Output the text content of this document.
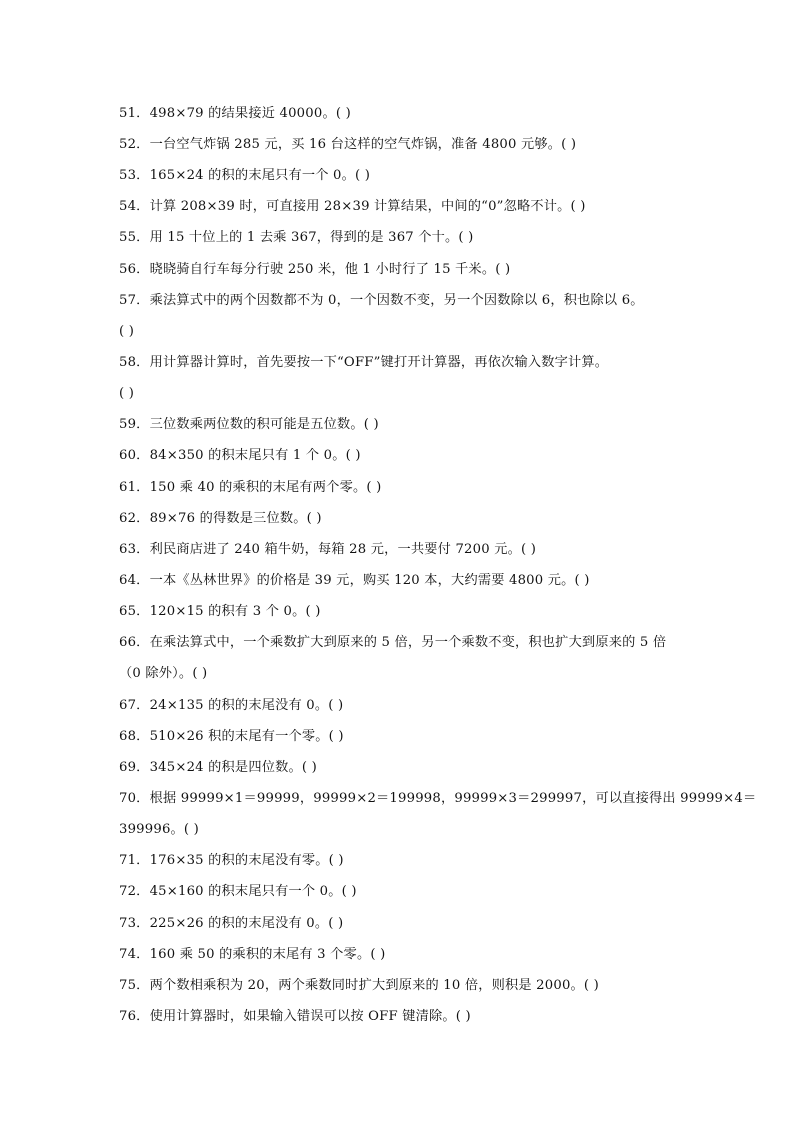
51．498×79 的结果接近 40000。( )
52．一台空气炸锅 285 元，买 16 台这样的空气炸锅，准备 4800 元够。( )
53．165×24 的积的末尾只有一个 0。( )
54．计算 208×39 时，可直接用 28×39 计算结果，中间的“0”忽略不计。( )
55．用 15 十位上的 1 去乘 367，得到的是 367 个十。( )
56．晓晓骑自行车每分行驶 250 米，他 1 小时行了 15 千米。( )
57．乘法算式中的两个因数都不为 0，一个因数不变，另一个因数除以 6，积也除以 6。
( )
58．用计算器计算时，首先要按一下“OFF”键打开计算器，再依次输入数字计算。
( )
59．三位数乘两位数的积可能是五位数。( )
60．84×350 的积末尾只有 1 个 0。( )
61．150 乘 40 的乘积的末尾有两个零。( )
62．89×76 的得数是三位数。( )
63．利民商店进了 240 箱牛奶，每箱 28 元，一共要付 7200 元。( )
64．一本《丛林世界》的价格是 39 元，购买 120 本，大约需要 4800 元。( )
65．120×15 的积有 3 个 0。( )
66．在乘法算式中，一个乘数扩大到原来的 5 倍，另一个乘数不变，积也扩大到原来的 5 倍
（0 除外）。( )
67．24×135 的积的末尾没有 0。( )
68．510×26 积的末尾有一个零。( )
69．345×24 的积是四位数。( )
70．根据 99999×1＝99999，99999×2＝199998，99999×3＝299997，可以直接得出 99999×4＝
399996。( )
71．176×35 的积的末尾没有零。( )
72．45×160 的积末尾只有一个 0。( )
73．225×26 的积的末尾没有 0。( )
74．160 乘 50 的乘积的末尾有 3 个零。( )
75．两个数相乘积为 20，两个乘数同时扩大到原来的 10 倍，则积是 2000。( )
76．使用计算器时，如果输入错误可以按 OFF 键清除。( )
